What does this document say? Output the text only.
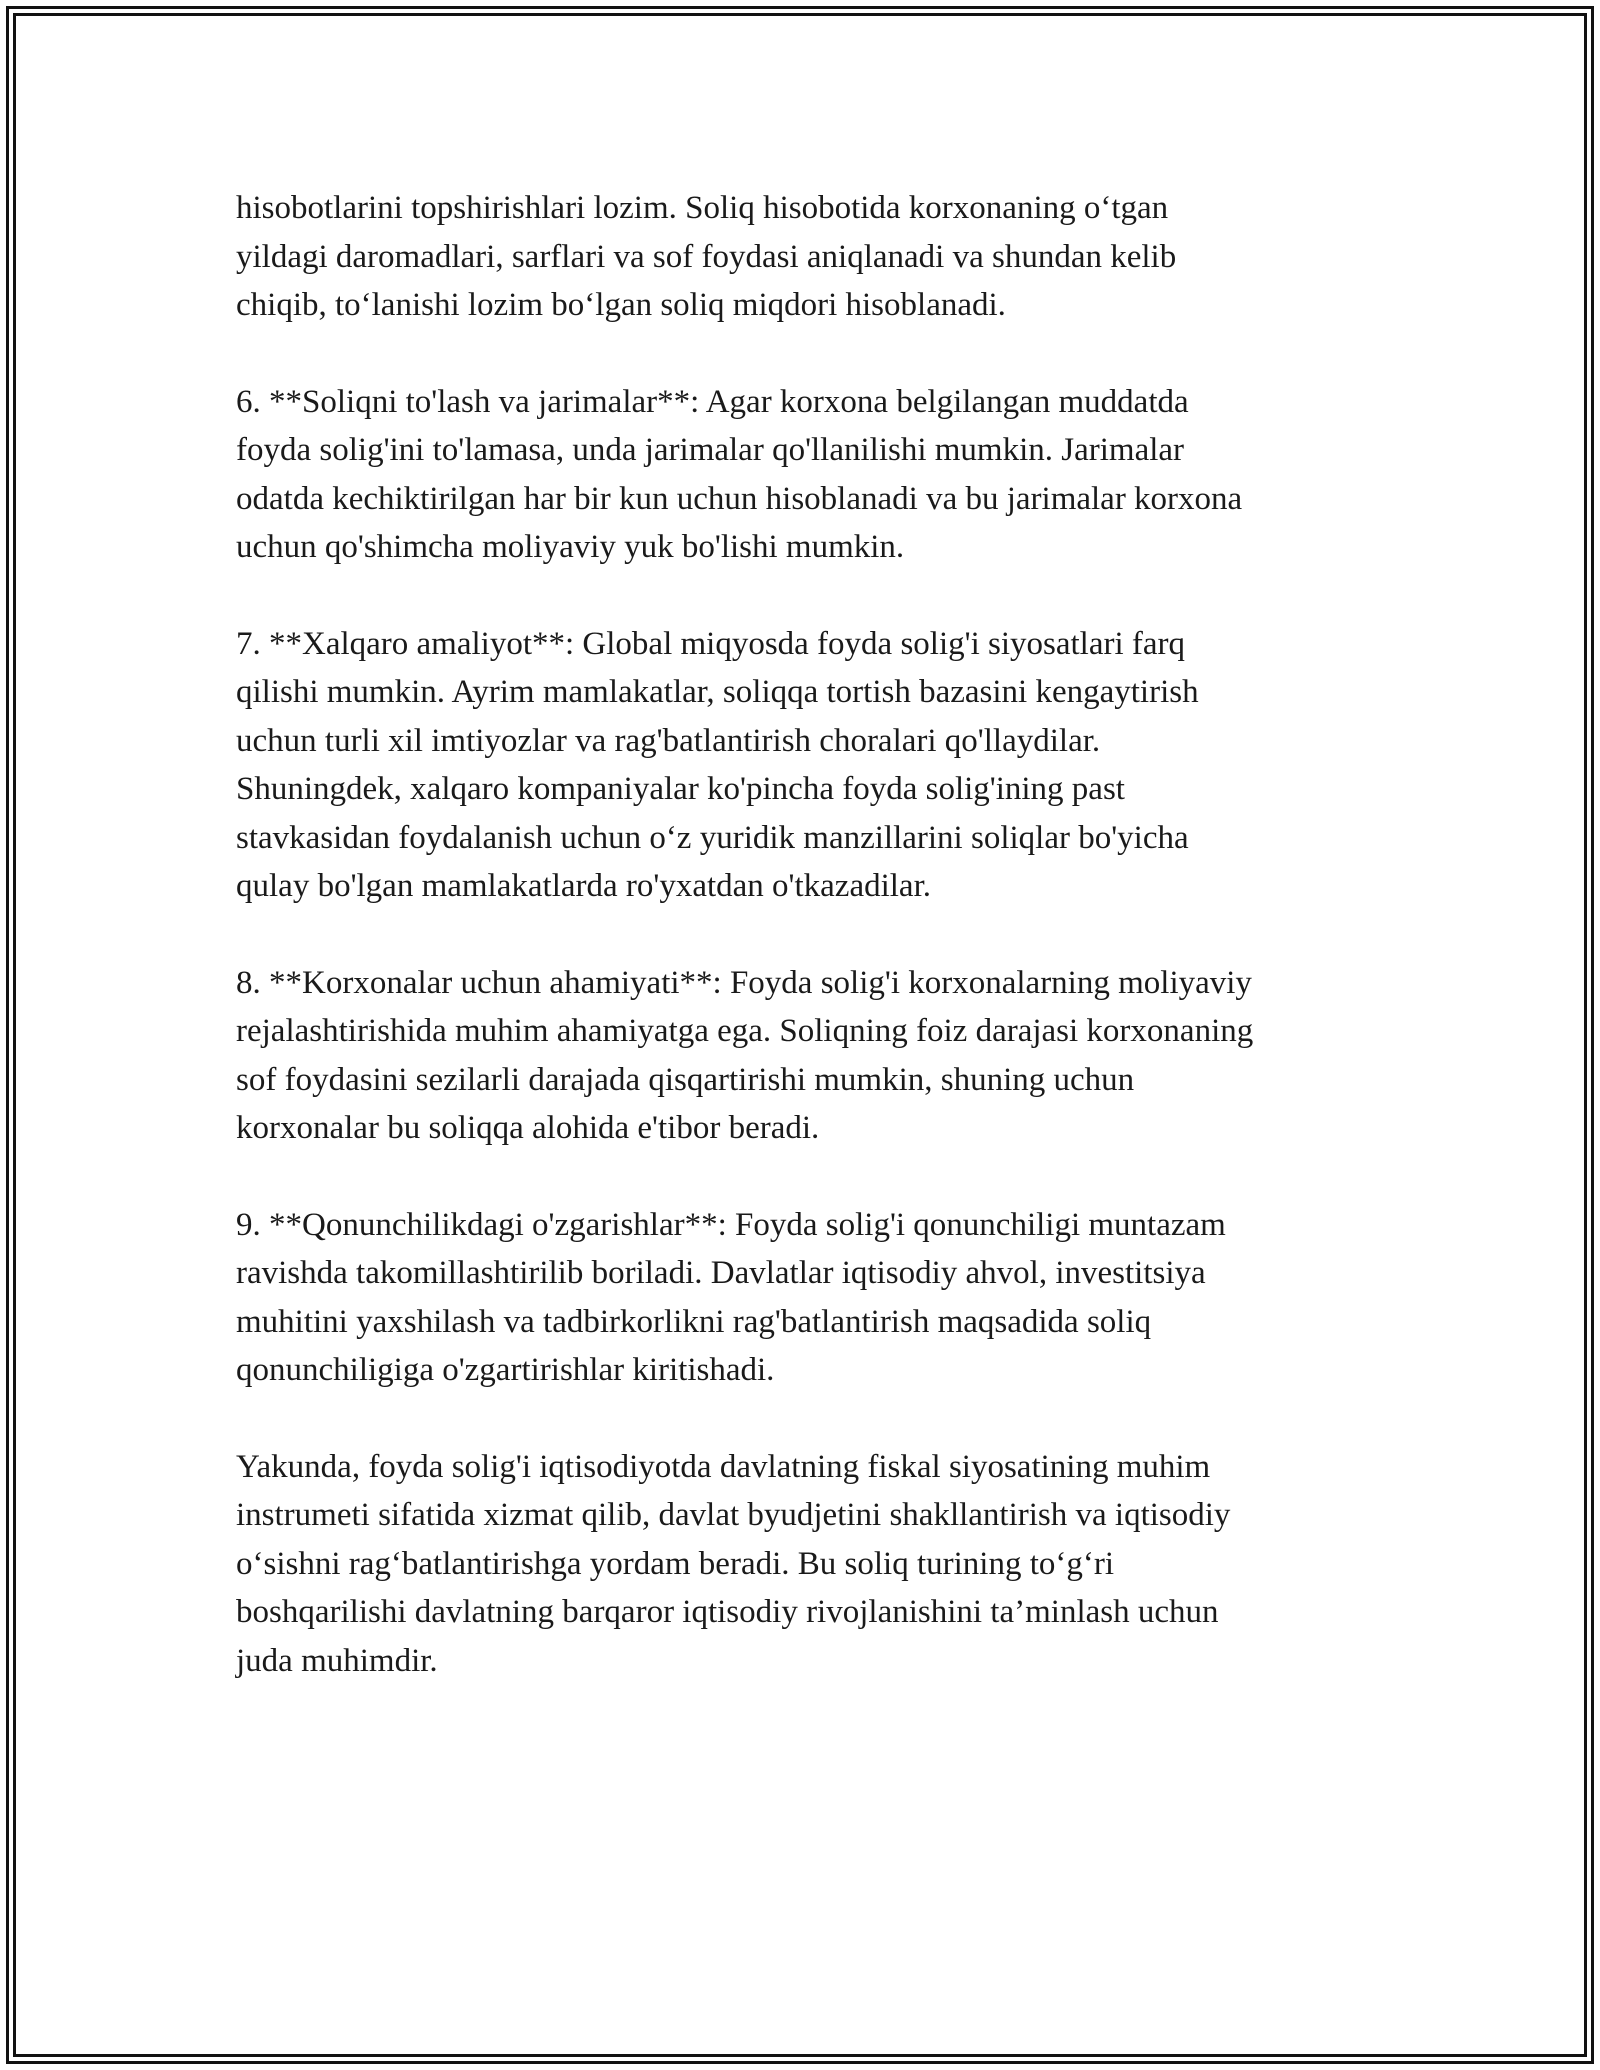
hisobotlarini topshirishlari lozim. Soliq hisobotida korxonaning o‘tgan
yildagi daromadlari, sarflari va sof foydasi aniqlanadi va shundan kelib
chiqib, to‘lanishi lozim bo‘lgan soliq miqdori hisoblanadi.

6. **Soliqni to'lash va jarimalar**: Agar korxona belgilangan muddatda
foyda solig'ini to'lamasa, unda jarimalar qo'llanilishi mumkin. Jarimalar
odatda kechiktirilgan har bir kun uchun hisoblanadi va bu jarimalar korxona
uchun qo'shimcha moliyaviy yuk bo'lishi mumkin.

7. **Xalqaro amaliyot**: Global miqyosda foyda solig'i siyosatlari farq
qilishi mumkin. Ayrim mamlakatlar, soliqqa tortish bazasini kengaytirish
uchun turli xil imtiyozlar va rag'batlantirish choralari qo'llaydilar.
Shuningdek, xalqaro kompaniyalar ko'pincha foyda solig'ining past
stavkasidan foydalanish uchun o‘z yuridik manzillarini soliqlar bo'yicha
qulay bo'lgan mamlakatlarda ro'yxatdan o'tkazadilar.

8. **Korxonalar uchun ahamiyati**: Foyda solig'i korxonalarning moliyaviy
rejalashtirishida muhim ahamiyatga ega. Soliqning foiz darajasi korxonaning
sof foydasini sezilarli darajada qisqartirishi mumkin, shuning uchun
korxonalar bu soliqqa alohida e'tibor beradi.

9. **Qonunchilikdagi o'zgarishlar**: Foyda solig'i qonunchiligi muntazam
ravishda takomillashtirilib boriladi. Davlatlar iqtisodiy ahvol, investitsiya
muhitini yaxshilash va tadbirkorlikni rag'batlantirish maqsadida soliq
qonunchiligiga o'zgartirishlar kiritishadi.

Yakunda, foyda solig'i iqtisodiyotda davlatning fiskal siyosatining muhim
instrumeti sifatida xizmat qilib, davlat byudjetini shakllantirish va iqtisodiy
o‘sishni rag‘batlantirishga yordam beradi. Bu soliq turining to‘g‘ri
boshqarilishi davlatning barqaror iqtisodiy rivojlanishini ta’minlash uchun
juda muhimdir.
